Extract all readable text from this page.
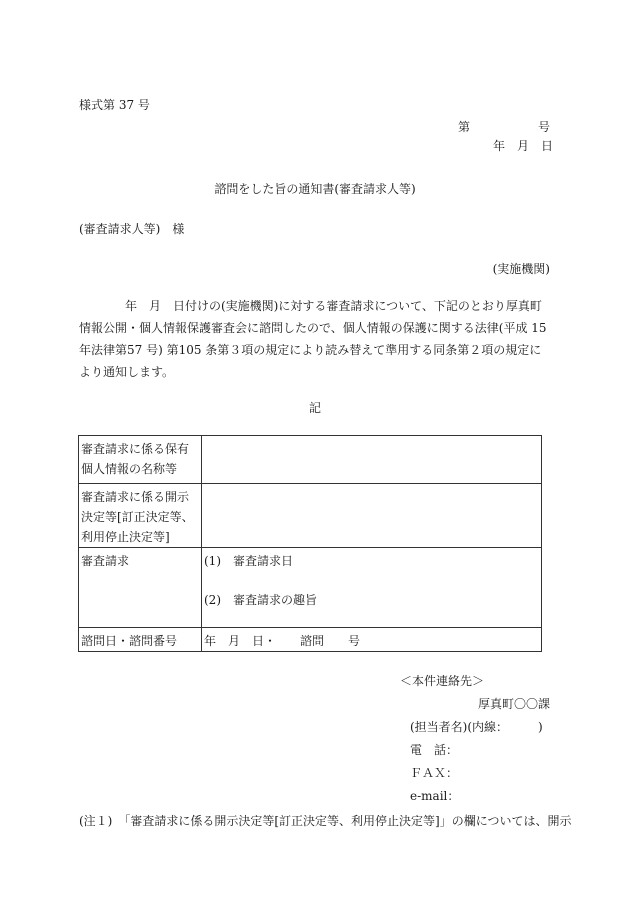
様式第 37 号
第	号
年　月　日
諮問をした旨の通知書(審査請求人等)
(審査請求人等)　様
(実施機関)
年　月　日付けの(実施機関)に対する審査請求について、下記のとおり厚真町情報公開・個人情報保護審査会に諮問したので、個人情報の保護に関する法律(平成 15 年法律第57 号) 第105 条第３項の規定により読み替えて準用する同条第２項の規定により通知します。
記
審査請求に係る保有個人情報の名称等	
審査請求に係る開示決定等[訂正決定等、利用停止決定等]	
審査請求	(1)　審査請求日
(2)　審査請求の趣旨

諮問日・諮問番号	年　月　日・　　諮問　　号
＜本件連絡先＞
厚真町〇〇課
(担当者名)(内線：　　　)
電　話：
ＦＡＸ：
e-mail：
(注１)　「審査請求に係る開示決定等[訂正決定等、利用停止決定等]」の欄については、開示
